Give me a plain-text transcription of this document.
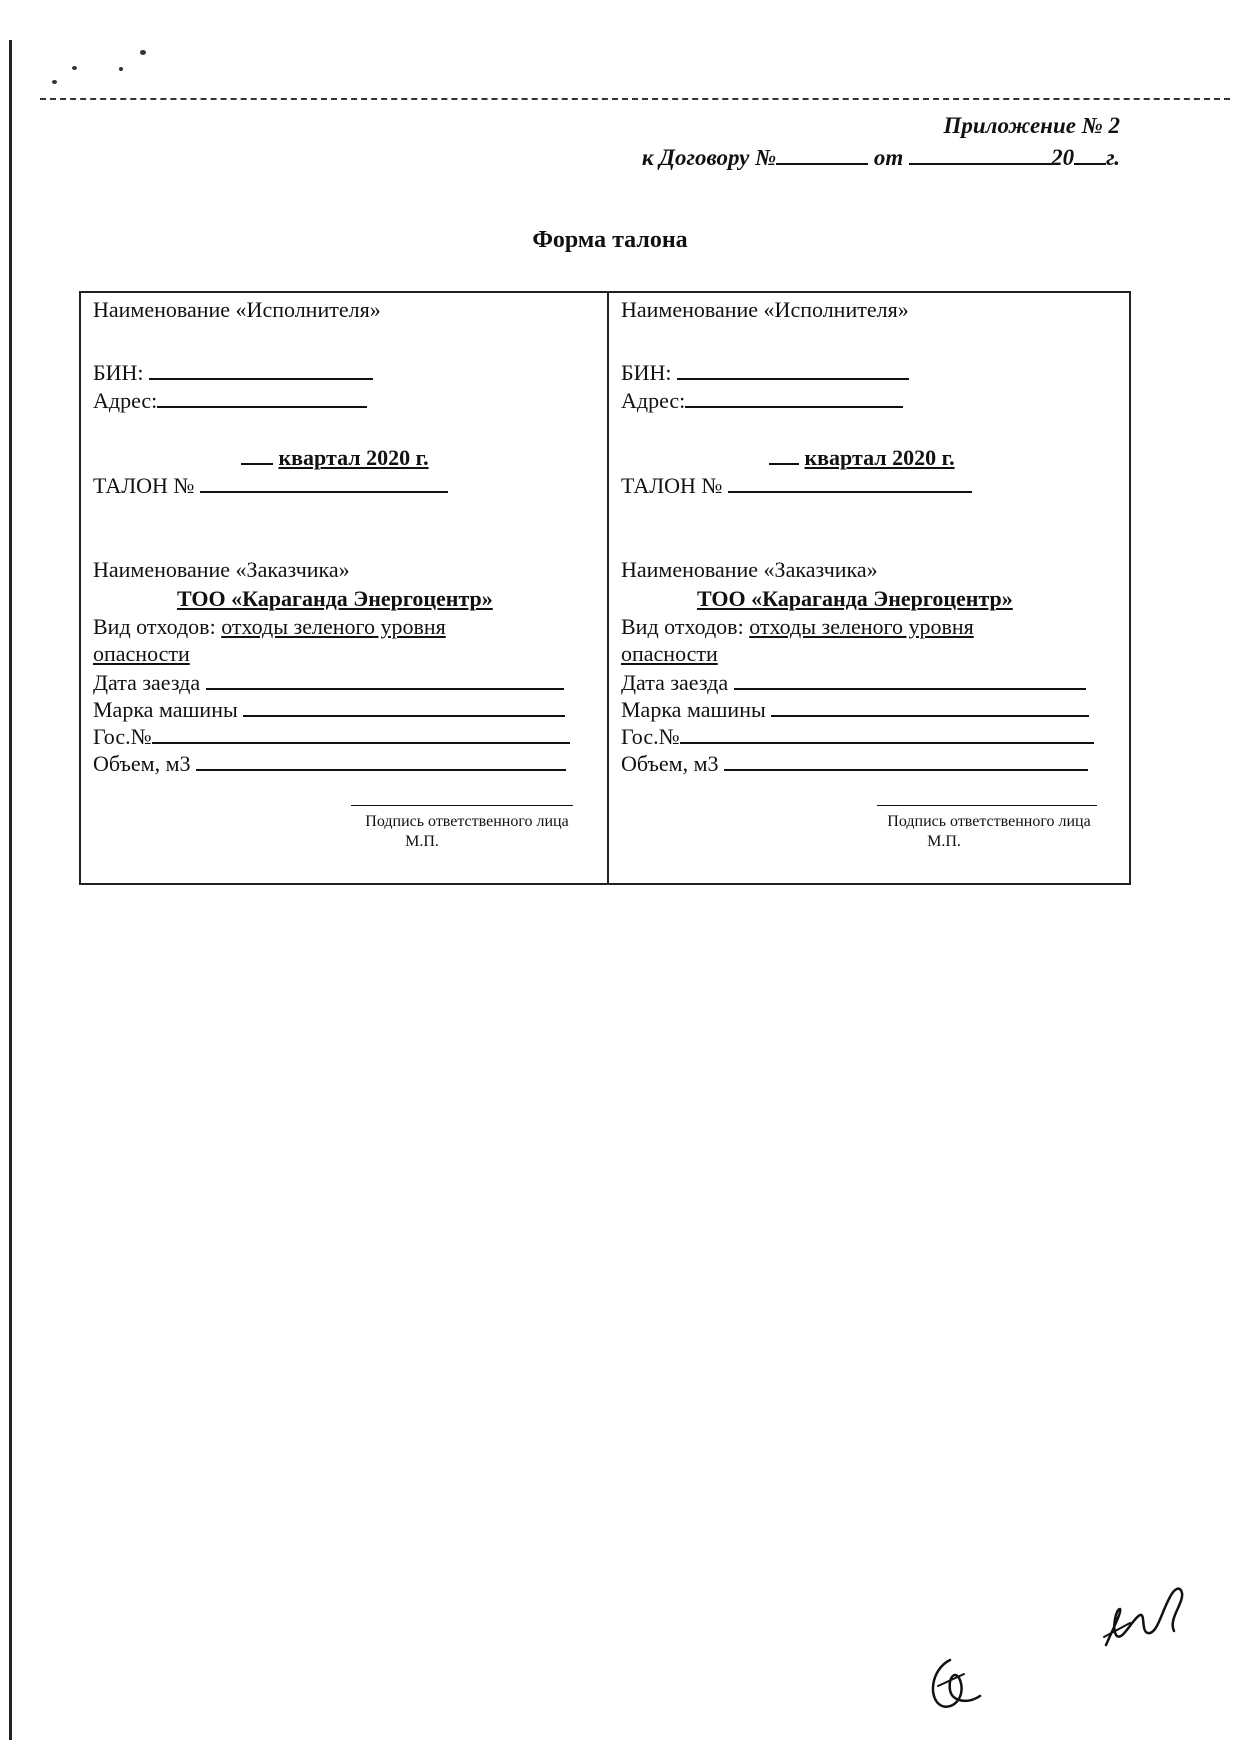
Приложение № 2
к Договору №	от	20 г.
Форма талона
Наименование «Исполнителя»
БИН:
Адрес:
квартал 2020 г.
ТАЛОН №
Наименование «Заказчика»
ТОО «Караганда Энергоцентр»
Вид отходов: отходы зеленого уровня
опасности
Дата заезда
Марка машины
Гос.№
Объем, м3
Подпись ответственного лица
М.П.
Наименование «Исполнителя»
БИН:
Адрес:
квартал 2020 г.
ТАЛОН №
Наименование «Заказчика»
ТОО «Караганда Энергоцентр»
Вид отходов: отходы зеленого уровня
опасности
Дата заезда
Марка машины
Гос.№
Объем, м3
Подпись ответственного лица
М.П.
